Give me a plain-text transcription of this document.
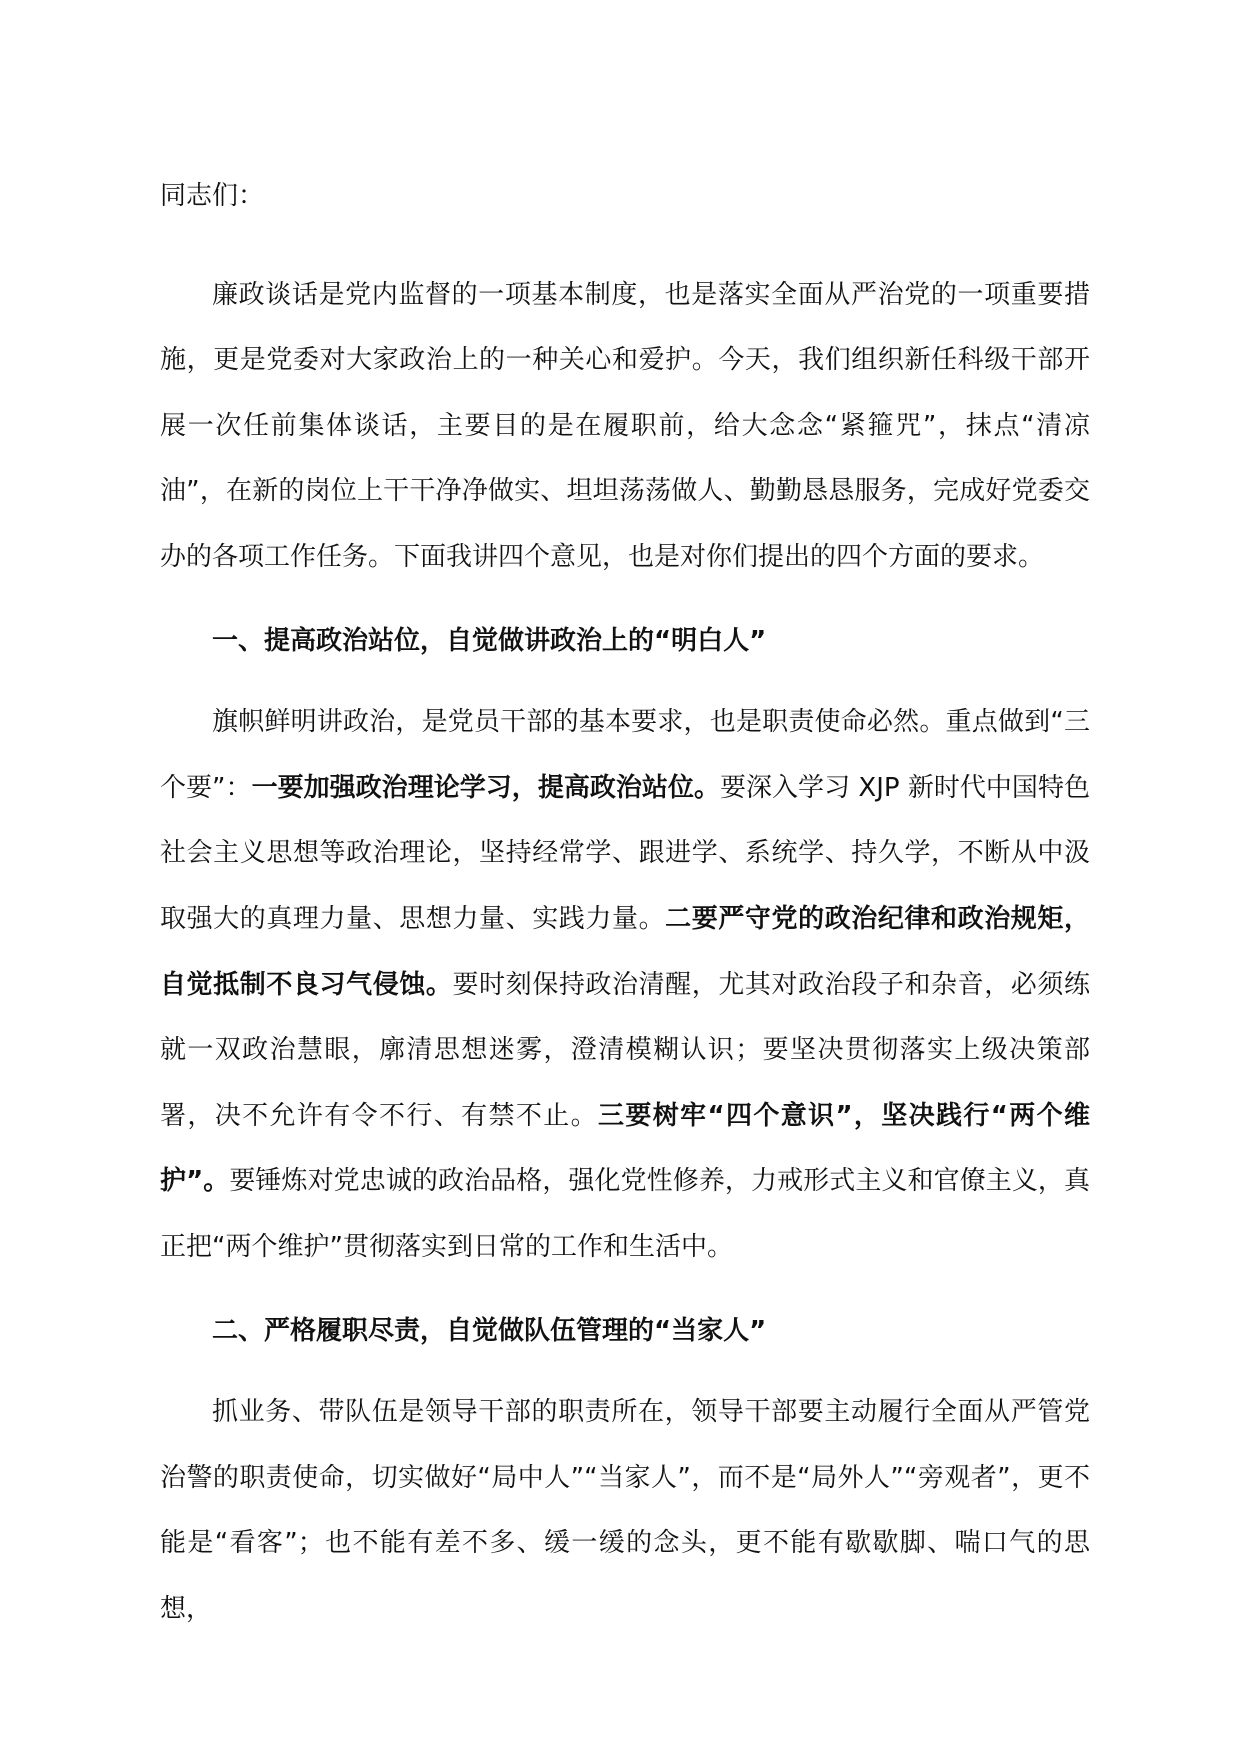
同志们：

廉政谈话是党内监督的一项基本制度，也是落实全面从严治党的一项重要措施，更是党委对大家政治上的一种关心和爱护。今天，我们组织新任科级干部开展一次任前集体谈话，主要目的是在履职前，给大念念“紧箍咒”，抹点“清凉油”，在新的岗位上干干净净做实、坦坦荡荡做人、勤勤恳恳服务，完成好党委交办的各项工作任务。下面我讲四个意见，也是对你们提出的四个方面的要求。

一、提高政治站位，自觉做讲政治上的“明白人”

旗帜鲜明讲政治，是党员干部的基本要求，也是职责使命必然。重点做到“三个要”：一要加强政治理论学习，提高政治站位。要深入学习 XJP 新时代中国特色社会主义思想等政治理论，坚持经常学、跟进学、系统学、持久学，不断从中汲取强大的真理力量、思想力量、实践力量。二要严守党的政治纪律和政治规矩，自觉抵制不良习气侵蚀。要时刻保持政治清醒，尤其对政治段子和杂音，必须练就一双政治慧眼，廓清思想迷雾，澄清模糊认识；要坚决贯彻落实上级决策部署，决不允许有令不行、有禁不止。三要树牢“四个意识”，坚决践行“两个维护”。要锤炼对党忠诚的政治品格，强化党性修养，力戒形式主义和官僚主义，真正把“两个维护”贯彻落实到日常的工作和生活中。

二、严格履职尽责，自觉做队伍管理的“当家人”

抓业务、带队伍是领导干部的职责所在，领导干部要主动履行全面从严管党治警的职责使命，切实做好“局中人”“当家人”，而不是“局外人”“旁观者”，更不能是“看客”；也不能有差不多、缓一缓的念头，更不能有歇歇脚、喘口气的思想，
